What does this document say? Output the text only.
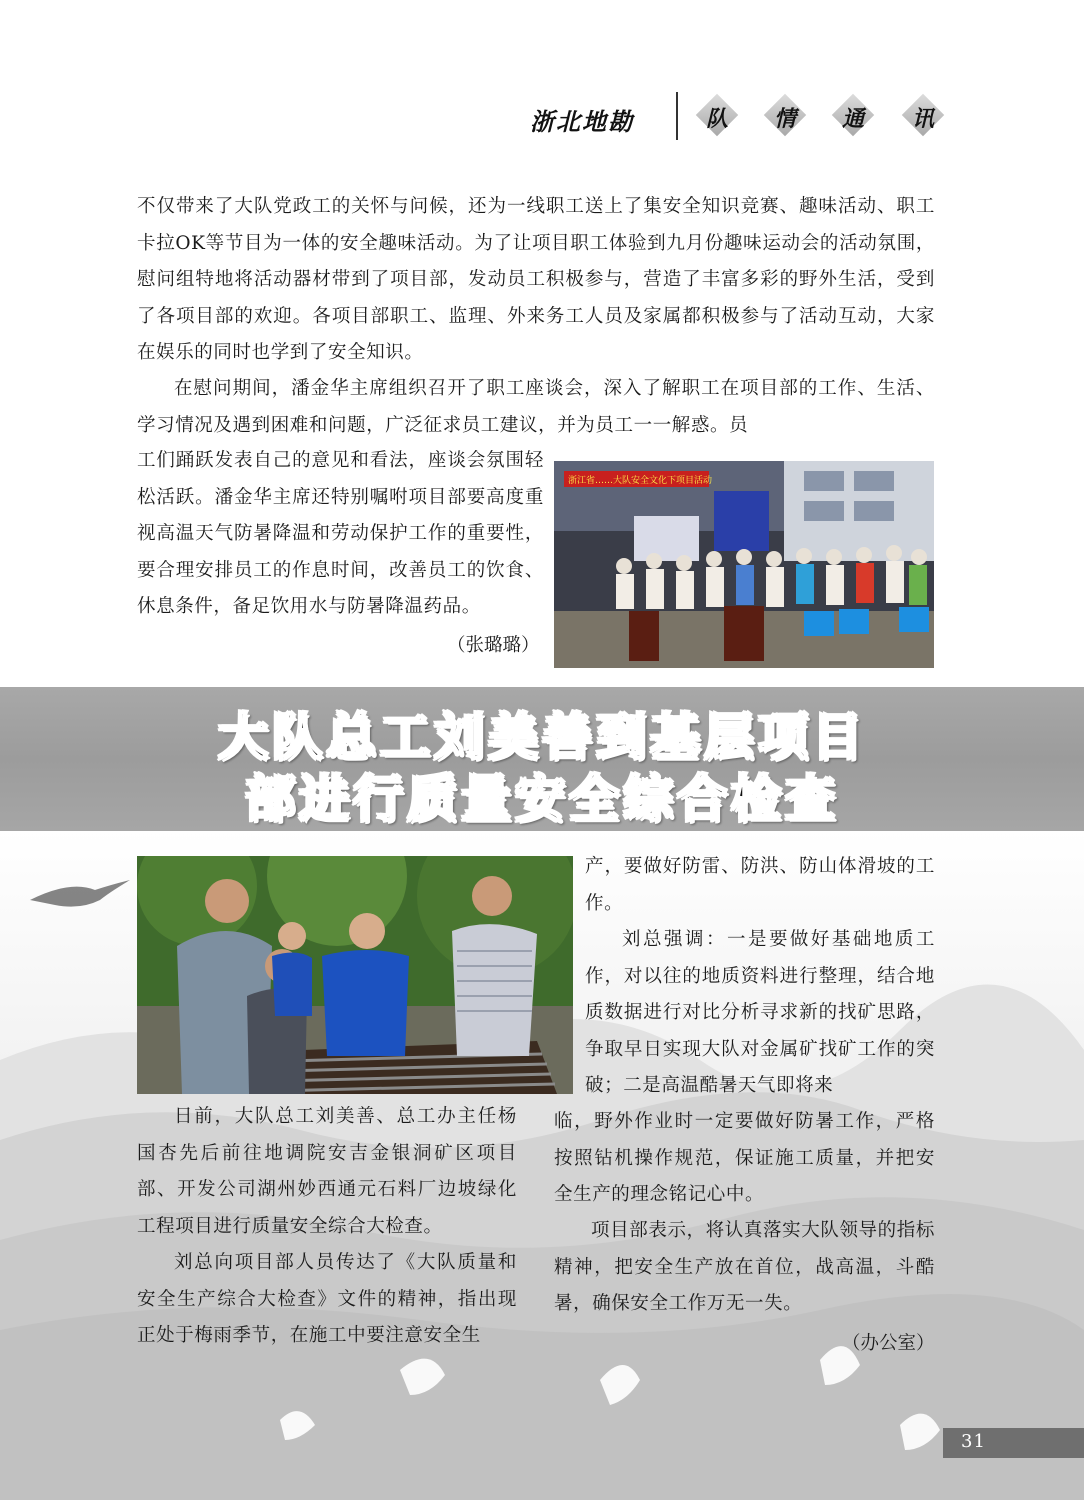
浙北地勘	队	情	通	讯

不仅带来了大队党政工的关怀与问候，还为一线职工送上了集安全知识竞赛、趣味活动、职工卡拉OK等节目为一体的安全趣味活动。为了让项目职工体验到九月份趣味运动会的活动氛围，慰问组特地将活动器材带到了项目部，发动员工积极参与，营造了丰富多彩的野外生活，受到了各项目部的欢迎。各项目部职工、监理、外来务工人员及家属都积极参与了活动互动，大家在娱乐的同时也学到了安全知识。

在慰问期间，潘金华主席组织召开了职工座谈会，深入了解职工在项目部的工作、生活、学习情况及遇到困难和问题，广泛征求员工建议，并为员工一一解惑。员

工们踊跃发表自己的意见和看法，座谈会氛围轻松活跃。潘金华主席还特别嘱咐项目部要高度重视高温天气防暑降温和劳动保护工作的重要性，要合理安排员工的作息时间，改善员工的饮食、休息条件，备足饮用水与防暑降温药品。

（张璐璐）
浙江省……大队安全文化下项目活动
大队总工刘美善到基层项目
部进行质量安全综合检查

日前，大队总工刘美善、总工办主任杨国杏先后前往地调院安吉金银洞矿区项目部、开发公司湖州妙西通元石料厂边坡绿化工程项目进行质量安全综合大检查。

刘总向项目部人员传达了《大队质量和安全生产综合大检查》文件的精神，指出现正处于梅雨季节，在施工中要注意安全生

产，要做好防雷、防洪、防山体滑坡的工作。

刘总强调：一是要做好基础地质工作，对以往的地质资料进行整理，结合地质数据进行对比分析寻求新的找矿思路，争取早日实现大队对金属矿找矿工作的突破；二是高温酷暑天气即将来

临，野外作业时一定要做好防暑工作，严格按照钻机操作规范，保证施工质量，并把安全生产的理念铭记心中。

项目部表示，将认真落实大队领导的指标精神，把安全生产放在首位，战高温，斗酷暑，确保安全工作万无一失。

（办公室）
31
